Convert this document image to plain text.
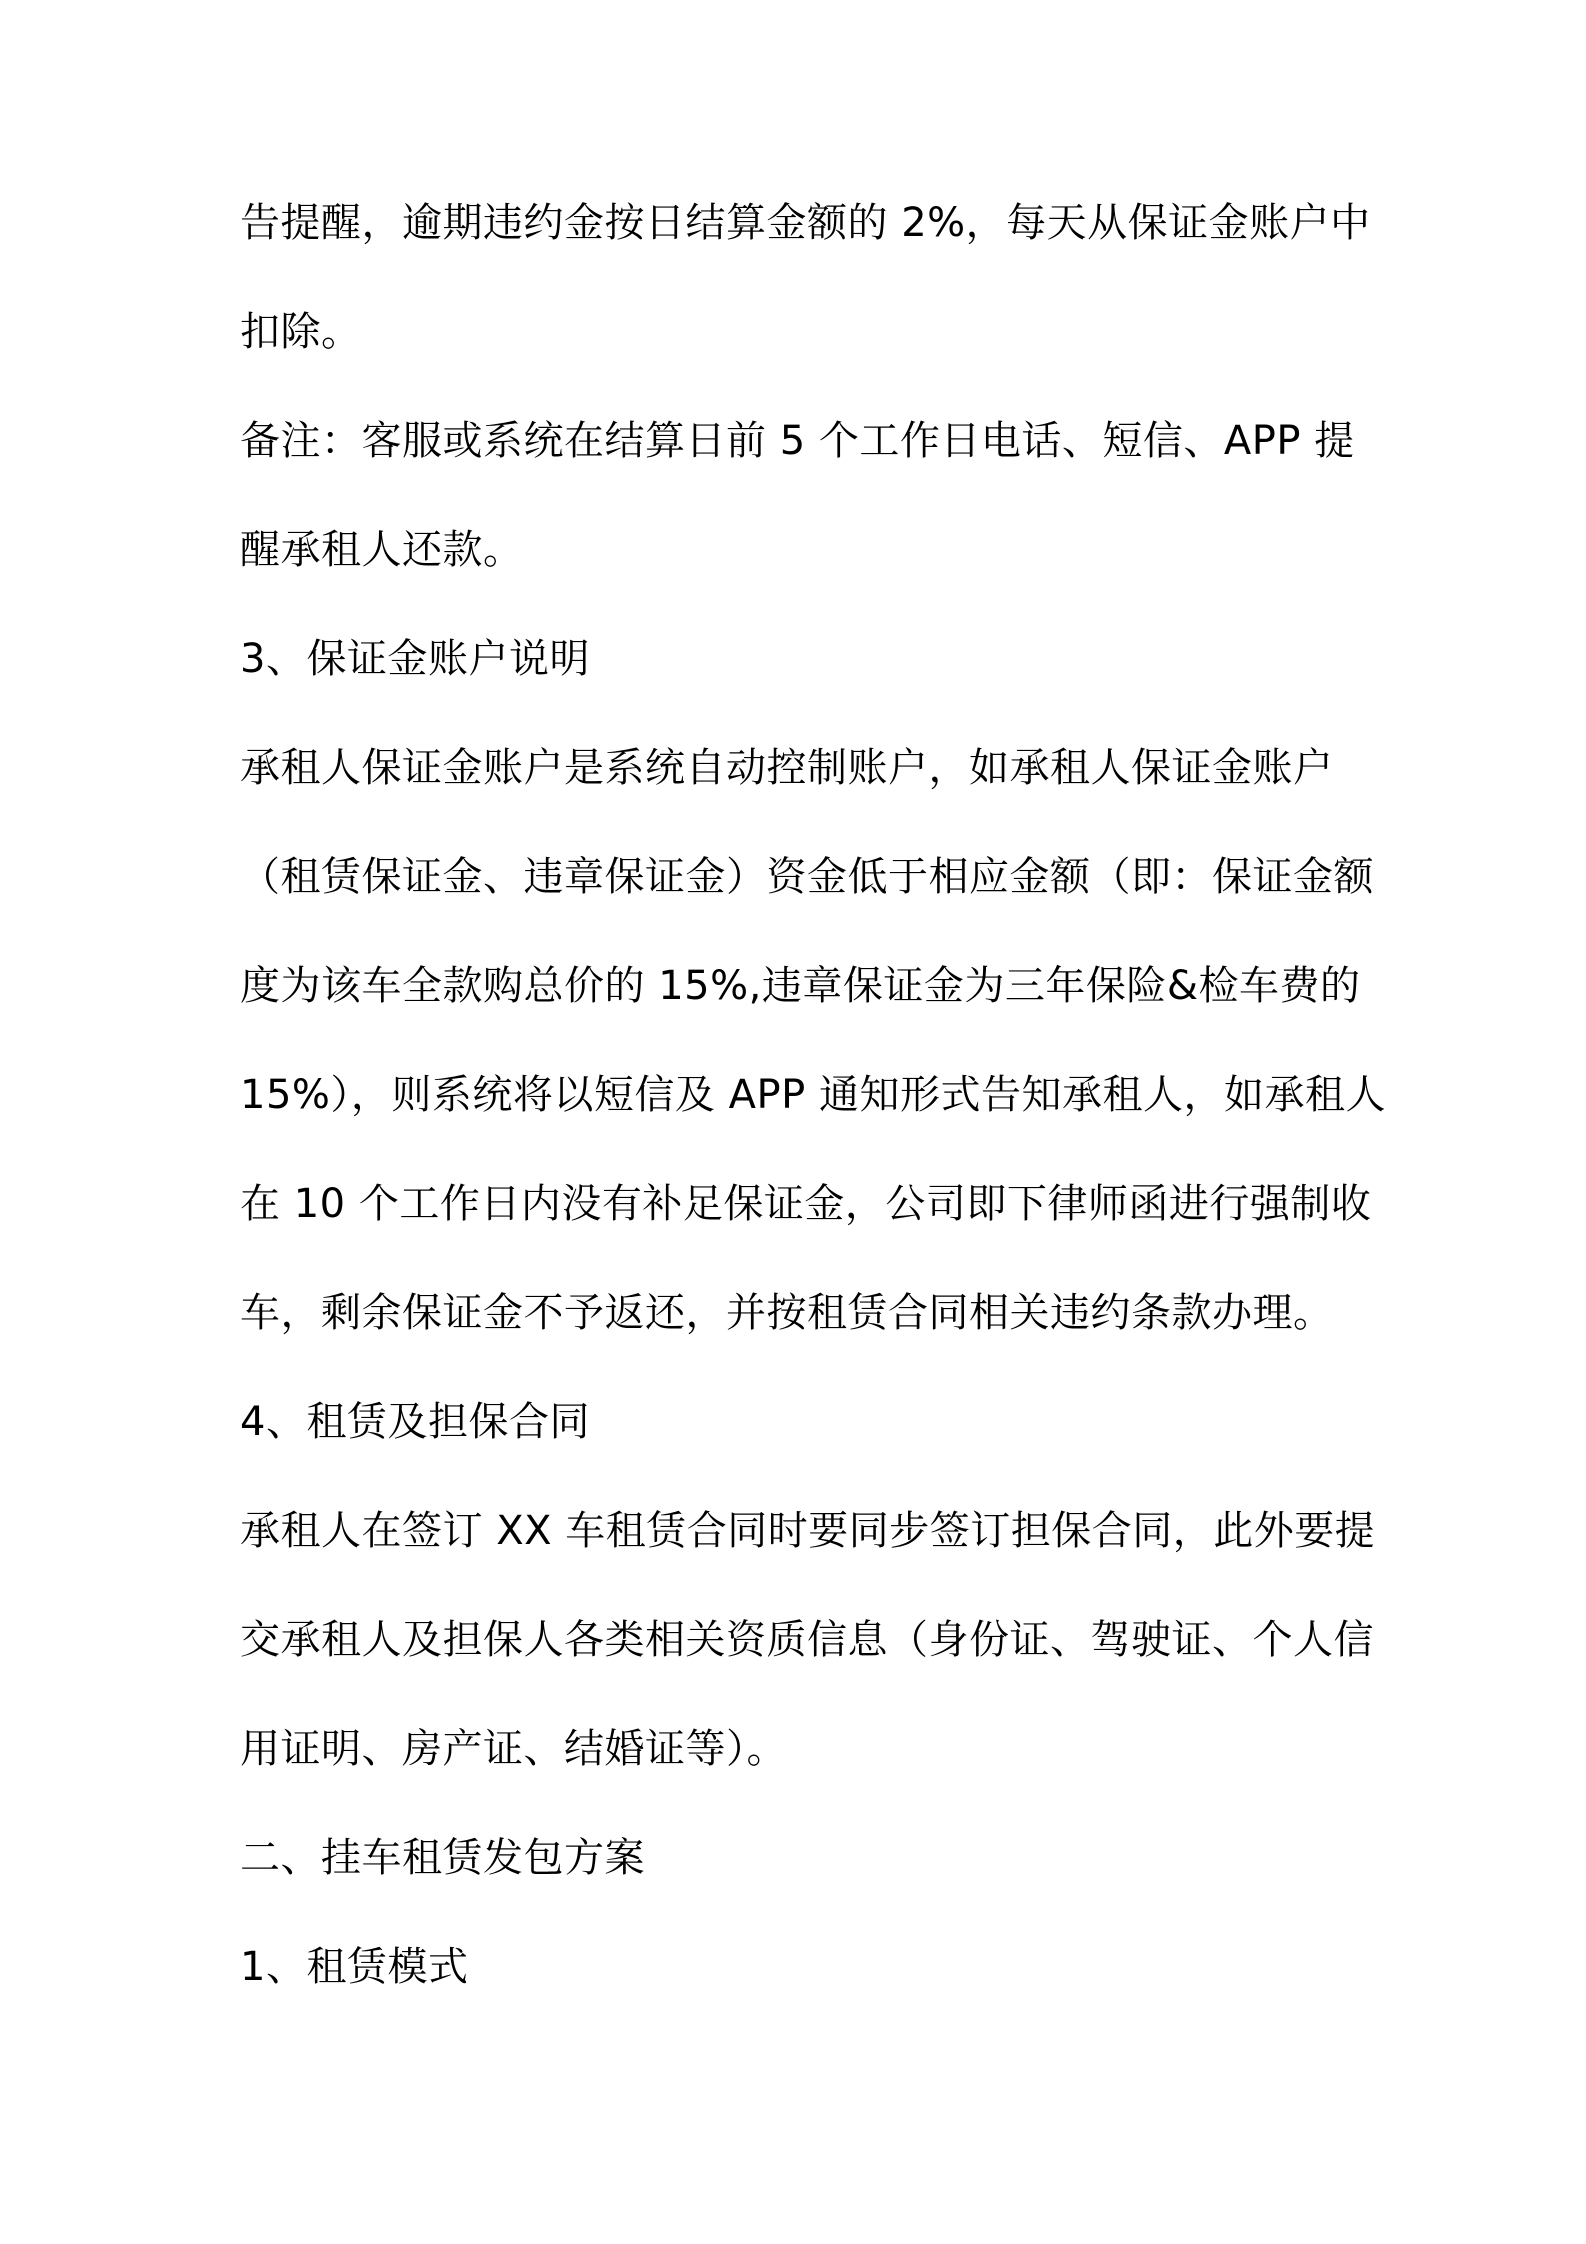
告提醒，逾期违约金按日结算金额的 2%，每天从保证金账户中
扣除。
备注：客服或系统在结算日前 5 个工作日电话、短信、APP 提
醒承租人还款。
3、保证金账户说明
承租人保证金账户是系统自动控制账户，如承租人保证金账户
（租赁保证金、违章保证金）资金低于相应金额（即：保证金额
度为该车全款购总价的 15%,违章保证金为三年保险&检车费的
15%），则系统将以短信及 APP 通知形式告知承租人，如承租人
在 10 个工作日内没有补足保证金，公司即下律师函进行强制收
车，剩余保证金不予返还，并按租赁合同相关违约条款办理。
4、租赁及担保合同
承租人在签订 XX 车租赁合同时要同步签订担保合同，此外要提
交承租人及担保人各类相关资质信息（身份证、驾驶证、个人信
用证明、房产证、结婚证等）。
二、挂车租赁发包方案
1、租赁模式
